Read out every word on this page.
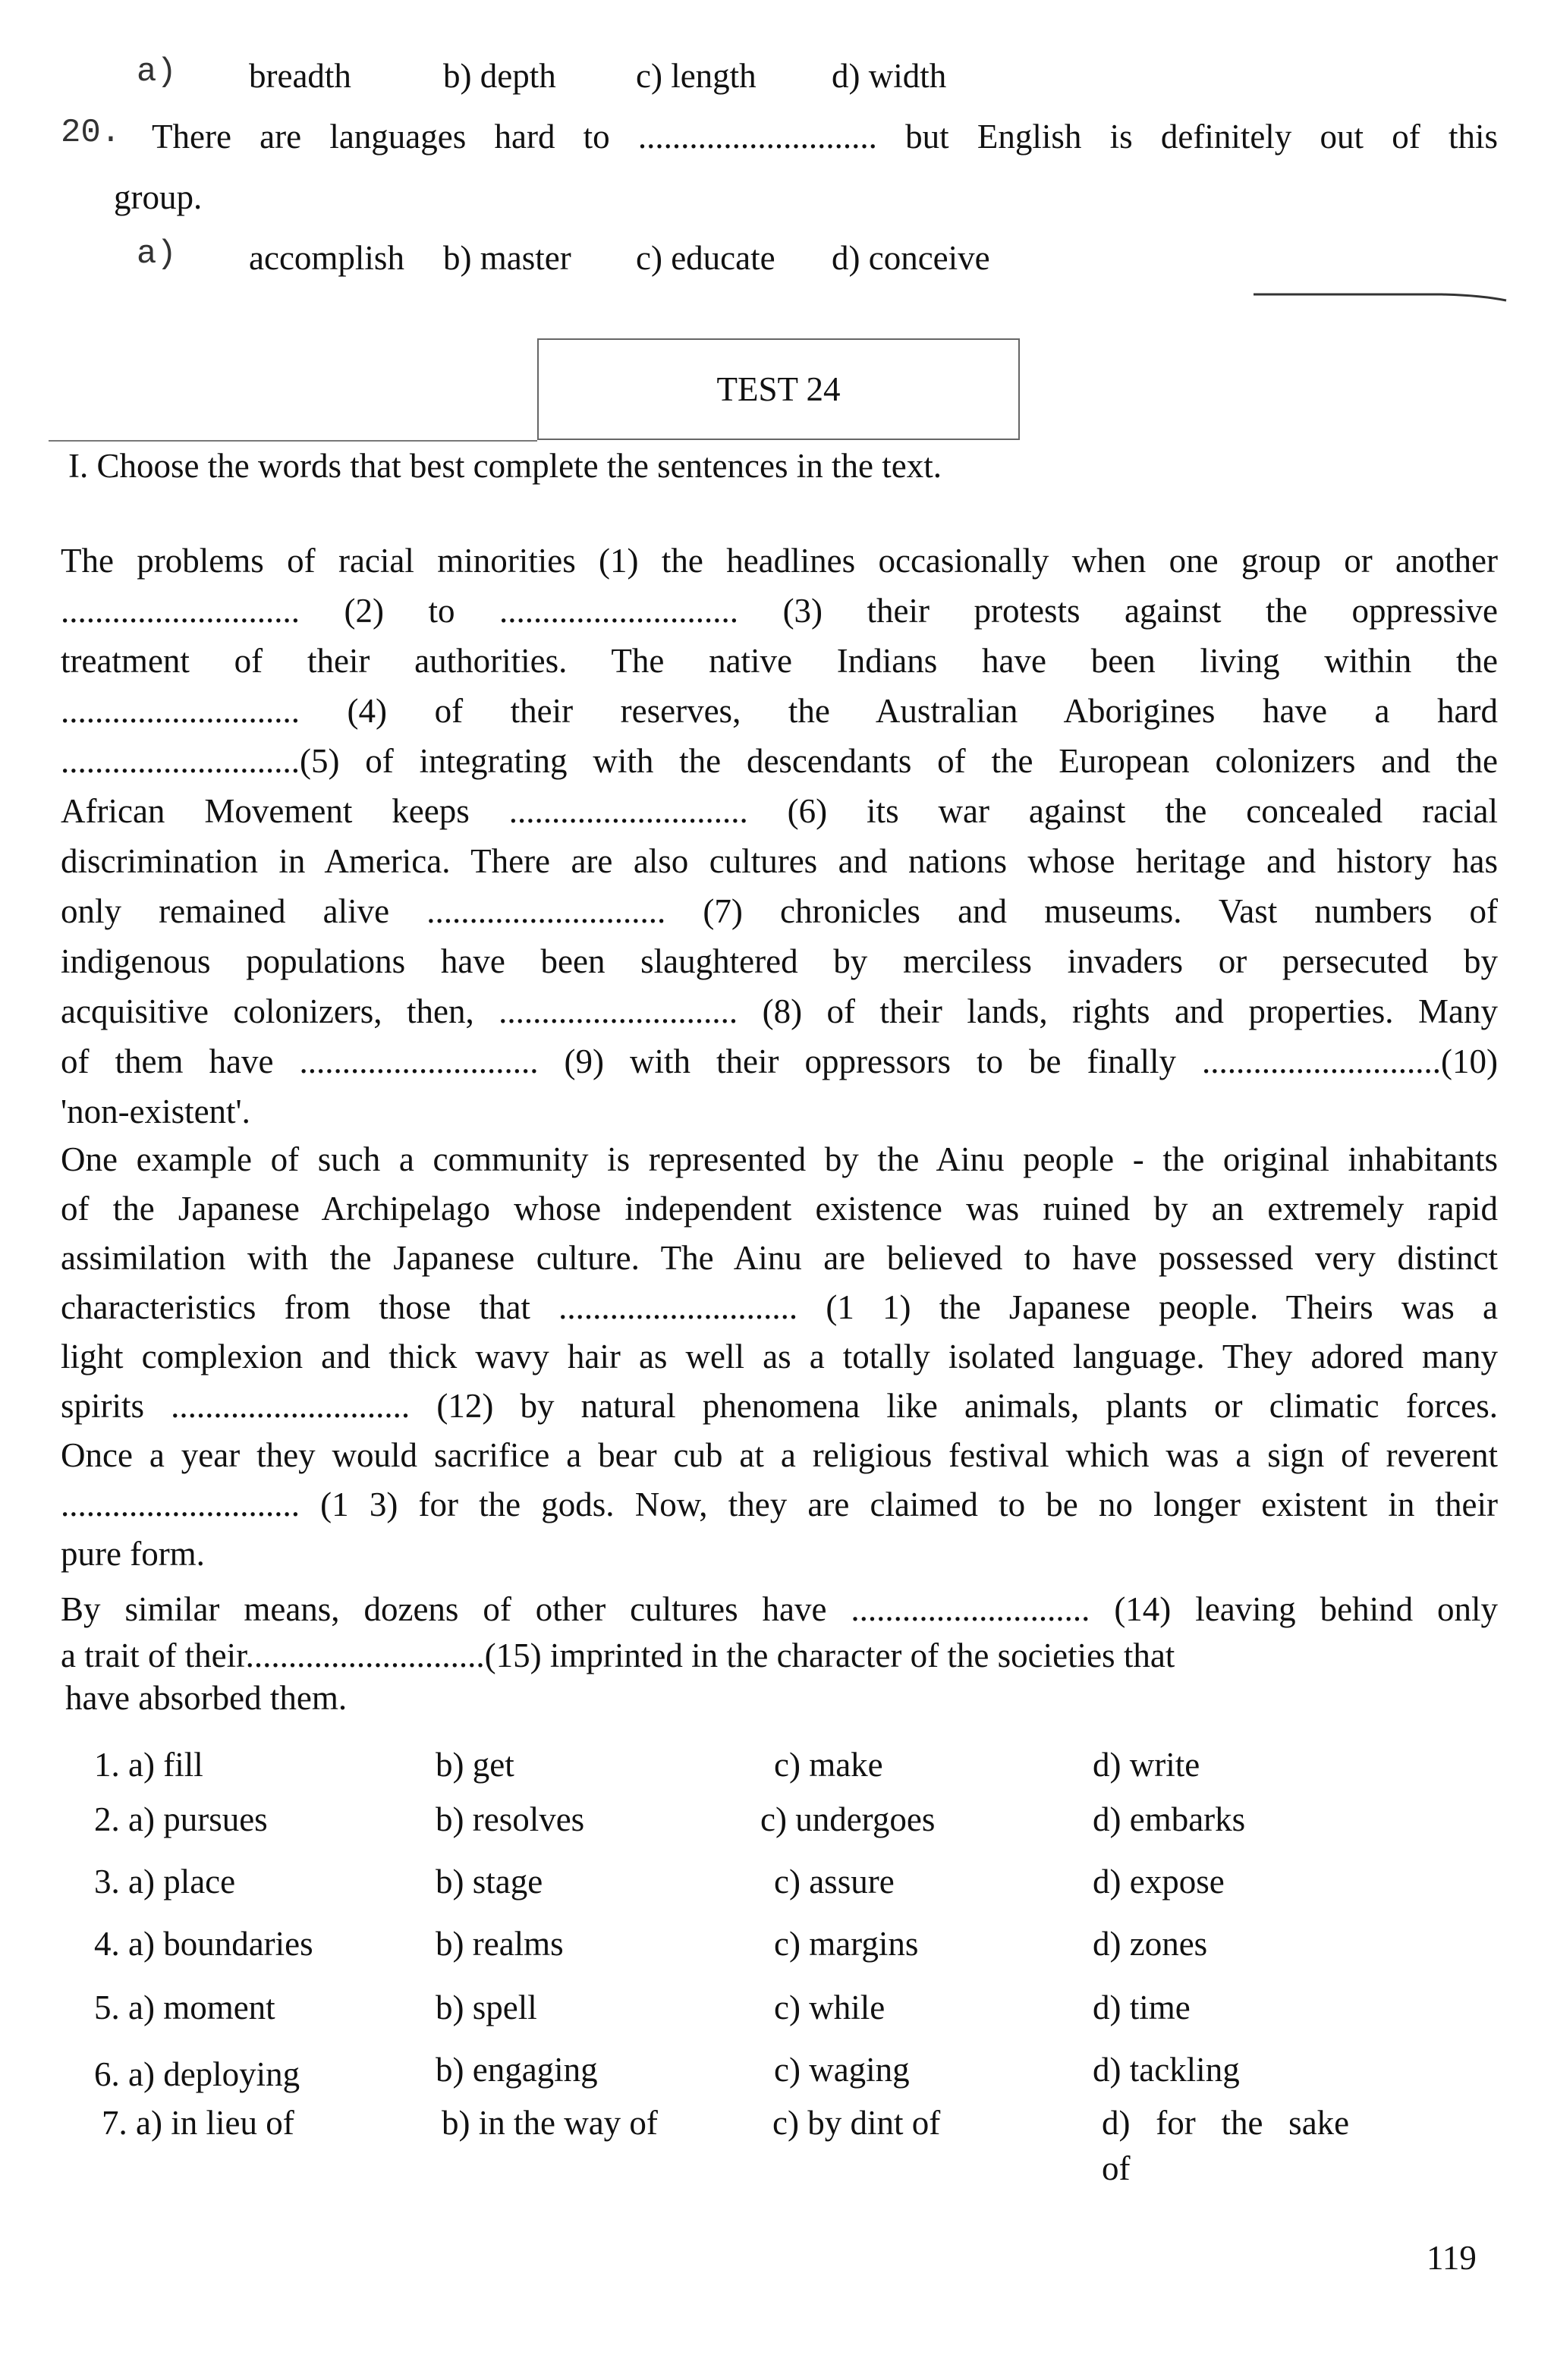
a) breadth	b) depth c) length d) width
20. There are languages hard to ............................ but English is definitely out of this
group.
a) accomplish b) master c) educate d) conceive
TEST 24
I. Choose the words that best complete the sentences in the text.
The problems of racial minorities (1) the headlines occasionally when one group or another
............................ (2) to ............................ (3) their protests against the oppressive
treatment of their authorities. The native Indians have been living within the
............................ (4) of their reserves, the Australian Aborigines have a hard
............................(5) of integrating with the descendants of the European colonizers and the
African Movement keeps ............................ (6) its war against the concealed racial
discrimination in America. There are also cultures and nations whose heritage and history has
only remained alive ............................ (7) chronicles and museums. Vast numbers of
indigenous populations have been slaughtered by merciless invaders or persecuted by
acquisitive colonizers, then, ............................ (8) of their lands, rights and properties. Many
of them have ............................ (9) with their oppressors to be finally ............................(10)
'non-existent'.
One example of such a community is represented by the Ainu people - the original inhabitants
of the Japanese Archipelago whose independent existence was ruined by an extremely rapid
assimilation with the Japanese culture. The Ainu are believed to have possessed very distinct
characteristics from those that ............................ (1 1) the Japanese people. Theirs was a
light complexion and thick wavy hair as well as a totally isolated language. They adored many
spirits ............................ (12) by natural phenomena like animals, plants or climatic forces.
Once a year they would sacrifice a bear cub at a religious festival which was a sign of reverent
............................ (1 3) for the gods. Now, they are claimed to be no longer existent in their
pure form.
By similar means, dozens of other cultures have ............................ (14) leaving behind only
a trait of their............................(15) imprinted in the character of the societies that
have absorbed them.
1. a) fill	b) get	c) make	d) write
2. a) pursues	b) resolves	c) undergoes	d) embarks
3. a) place	b) stage	c) assure	d) expose
4. a) boundaries	b) realms	c) margins	d) zones
5. a) moment	b) spell	c) while	d) time
6. a) deploying	b) engaging	c) waging	d) tackling
7. a) in lieu of	b) in the way of	c) by dint of	d)   for   the   sake
of
119
